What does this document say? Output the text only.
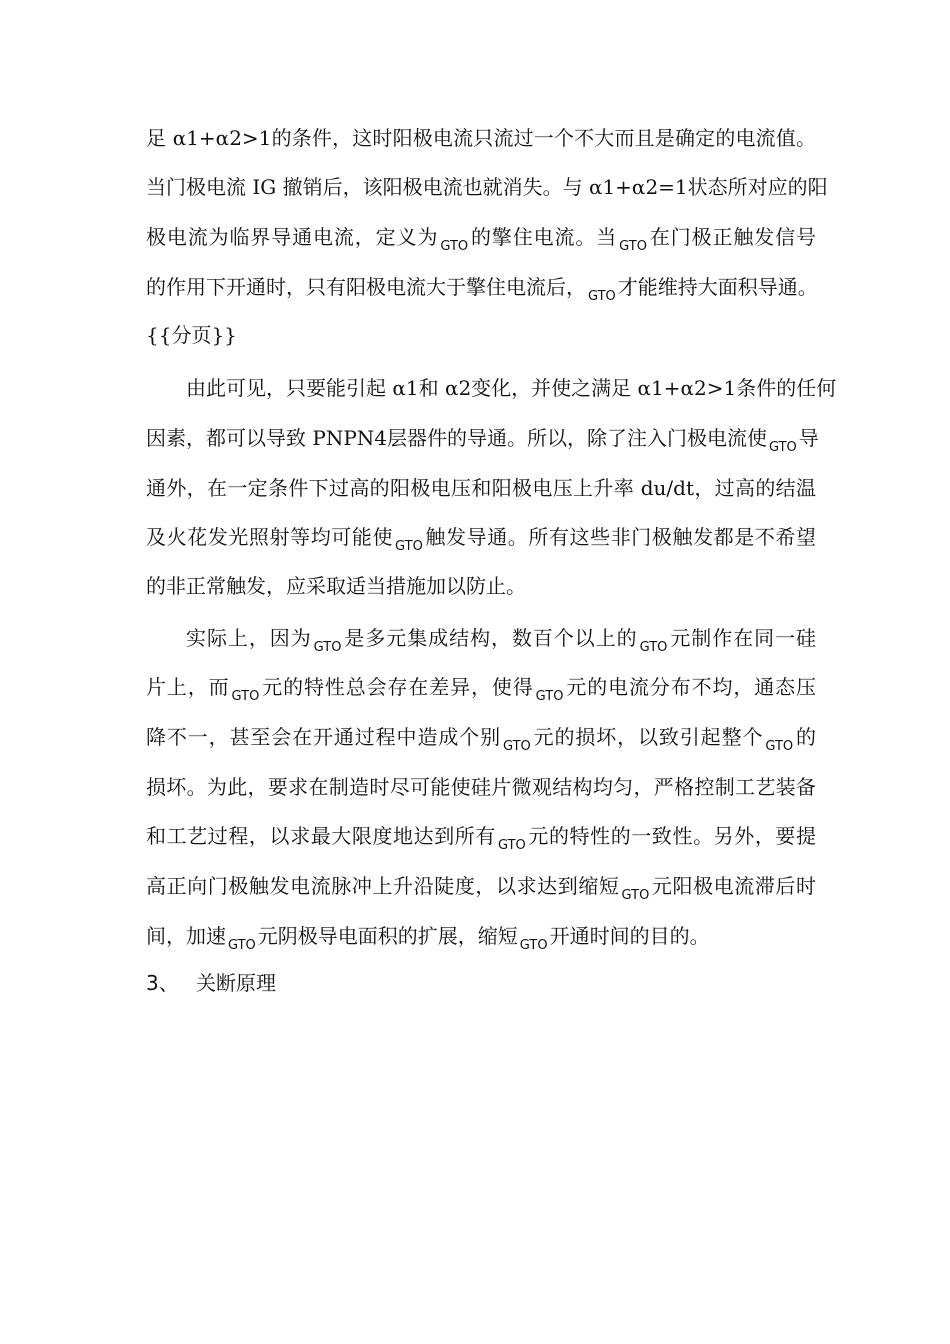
足 α1+α2>1的条件，这时阳极电流只流过一个不大而且是确定的电流值。
当门极电流 IG 撤销后，该阳极电流也就消失。与 α1+α2=1状态所对应的阳
极电流为临界导通电流，定义为 $_{GTO}$ 的擎住电流。当 $_{GTO}$ 在门极正触发信号
的作用下开通时，只有阳极电流大于擎住电流后， $_{GTO}$ 才能维持大面积导通。
{{分页}}
由此可见，只要能引起 α1和 α2变化，并使之满足 α1+α2>1条件的任何
因素，都可以导致 PNPN4层器件的导通。所以，除了注入门极电流使 $_{GTO}$ 导
通外，在一定条件下过高的阳极电压和阳极电压上升率 du/dt，过高的结温
及火花发光照射等均可能使 $_{GTO}$ 触发导通。所有这些非门极触发都是不希望
的非正常触发，应采取适当措施加以防止。
实际上，因为 $_{GTO}$ 是多元集成结构，数百个以上的 $_{GTO}$ 元制作在同一硅
片上，而 $_{GTO}$ 元的特性总会存在差异，使得 $_{GTO}$ 元的电流分布不均，通态压
降不一，甚至会在开通过程中造成个别 $_{GTO}$ 元的损坏，以致引起整个 $_{GTO}$ 的
损坏。为此，要求在制造时尽可能使硅片微观结构均匀，严格控制工艺装备
和工艺过程，以求最大限度地达到所有 $_{GTO}$ 元的特性的一致性。另外，要提
高正向门极触发电流脉冲上升沿陡度，以求达到缩短 $_{GTO}$ 元阳极电流滞后时
间，加速 $_{GTO}$ 元阴极导电面积的扩展，缩短 $_{GTO}$ 开通时间的目的。
3、 关断原理
